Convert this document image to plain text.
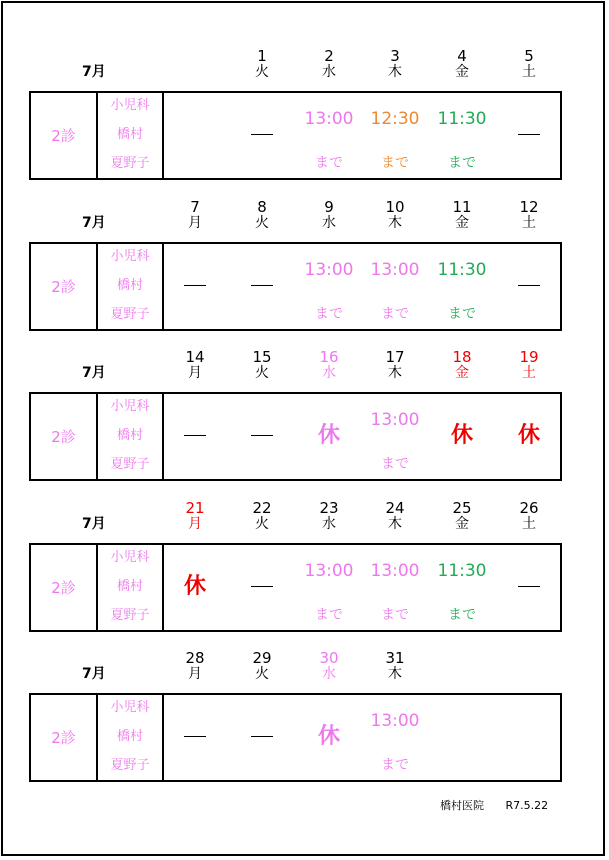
7月
1
火
2
水
3
木
4
金
5
土
2診
小児科
橋村
夏野子
13:00
まで
12:30
まで
11:30
まで
7月
7
月
8
火
9
水
10
木
11
金
12
土
2診
小児科
橋村
夏野子
13:00
まで
13:00
まで
11:30
まで
7月
14
月
15
火
16
水
17
木
18
金
19
土
2診
小児科
橋村
夏野子
休
13:00
まで
休	休
7月
21
月
22
火
23
水
24
木
25
金
26
土
2診
小児科
橋村
夏野子
休
13:00
まで
13:00
まで
11:30
まで
7月
28
月
29
火
30
水
31
木
2診
小児科
橋村
夏野子
休
13:00
まで
橋村医院 R7.5.22
